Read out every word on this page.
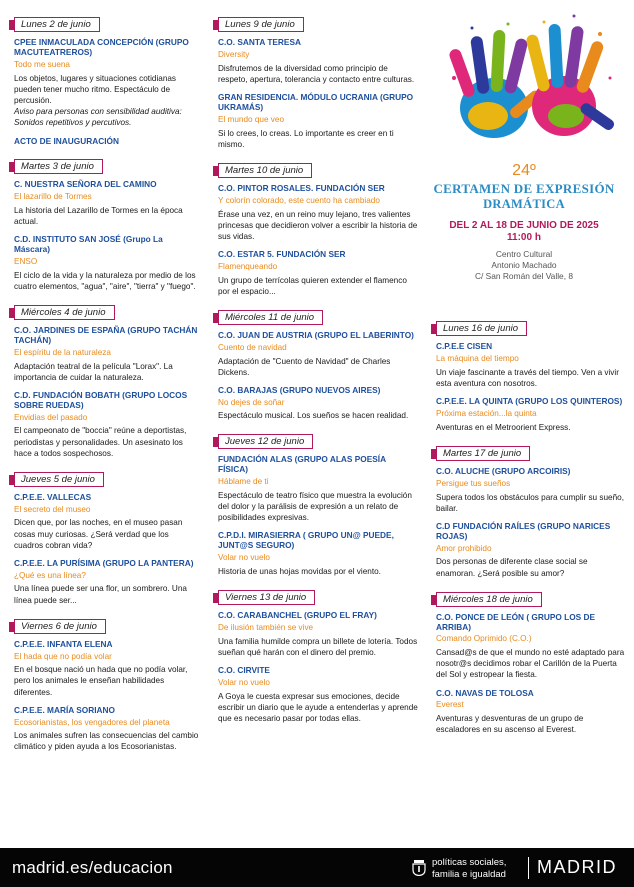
Lunes 2 de junio
CPEE INMACULADA CONCEPCIÓN (GRUPO MACUTEATREROS)
Todo me suena
Los objetos, lugares y situaciones cotidianas pueden tener mucho ritmo. Espectáculo de percusión.
Aviso para personas con sensibilidad auditiva: Sonidos repetitivos y percutivos.
ACTO DE INAUGURACIÓN
Martes 3 de junio
C. NUESTRA SEÑORA DEL CAMINO
El lazarillo de Tormes
La historia del Lazarillo de Tormes en la época actual.
C.D. INSTITUTO SAN JOSÉ (Grupo La Máscara)
ENSO
El ciclo de la vida y la naturaleza por medio de los cuatro elementos, "agua", "aire", "tierra" y "fuego".
Miércoles 4 de junio
C.O. JARDINES DE ESPAÑA (GRUPO TACHÁN TACHÁN)
El espíritu de la naturaleza
Adaptación teatral de la película "Lorax". La importancia de cuidar la naturaleza.
C.D. FUNDACIÓN BOBATH (GRUPO LOCOS SOBRE RUEDAS)
Envidias del pasado
El campeonato de "boccia" reúne a deportistas, periodistas y personalidades. Un asesinato los hace a todos sospechosos.
Jueves 5 de junio
C.P.E.E. VALLECAS
El secreto del museo
Dicen que, por las noches, en el museo pasan cosas muy curiosas. ¿Será verdad que los cuadros cobran vida?
C.P.E.E. LA PURÍSIMA (GRUPO LA PANTERA)
¿Qué es una línea?
Una línea puede ser una flor, un sombrero. Una línea puede ser...
Viernes 6 de junio
C.P.E.E. INFANTA ELENA
El hada que no podía volar
En el bosque nació un hada que no podía volar, pero los animales le enseñan habilidades diferentes.
C.P.E.E. MARÍA SORIANO
Ecosorianistas, los vengadores del planeta
Los animales sufren las consecuencias del cambio climático y piden ayuda a los Ecosorianistas.
Lunes 9 de junio
C.O. SANTA TERESA
Diversity
Disfrutemos de la diversidad como principio de respeto, apertura, tolerancia y contacto entre culturas.
GRAN RESIDENCIA. MÓDULO UCRANIA (GRUPO UKRAMÁS)
El mundo que veo
Si lo crees, lo creas. Lo importante es creer en ti mismo.
Martes 10 de junio
C.O. PINTOR ROSALES. FUNDACIÓN SER
Y colorín colorado, este cuento ha cambiado
Érase una vez, en un reino muy lejano, tres valientes princesas que decidieron volver a escribir la historia de sus vidas.
C.O. ESTAR 5. FUNDACIÓN SER
Flamenqueando
Un grupo de terrícolas quieren extender el flamenco por el espacio...
Miércoles 11 de junio
C.O. JUAN DE AUSTRIA (GRUPO EL LABERINTO)
Cuento de navidad
Adaptación de "Cuento de Navidad" de Charles Dickens.
C.O. BARAJAS (GRUPO NUEVOS AIRES)
No dejes de soñar
Espectáculo musical. Los sueños se hacen realidad.
Jueves 12 de junio
FUNDACIÓN ALAS (GRUPO ALAS POESÍA FÍSICA)
Háblame de ti
Espectáculo de teatro físico que muestra la evolución del dolor y la parálisis de expresión a un relato de posibilidades expresivas.
C.P.D.I. MIRASIERRA ( GRUPO UN@ PUEDE, JUNT@S SEGURO)
Volar no vuelo
Historia de unas hojas movidas por el viento.
Viernes 13 de junio
C.O. CARABANCHEL (GRUPO EL FRAY)
De ilusión también se vive
Una familia humilde compra un billete de lotería. Todos sueñan qué harán con el dinero del premio.
C.O. CIRVITE
Volar no vuelo
A Goya le cuesta expresar sus emociones, decide escribir un diario que le ayude a entenderlas y aprende que es necesario pasar por todas ellas.
Lunes 16 de junio
C.P.E.E CISEN
La máquina del tiempo
Un viaje fascinante a través del tiempo. Ven a vivir esta aventura con nosotros.
C.P.E.E. LA QUINTA (GRUPO LOS QUINTEROS)
Próxima estación...la quinta
Aventuras en el Metroorient Express.
Martes 17 de junio
C.O. ALUCHE (GRUPO ARCOIRIS)
Persigue tus sueños
Supera todos los obstáculos para cumplir su sueño, bailar.
C.D FUNDACIÓN RAÍLES (GRUPO NARICES ROJAS)
Amor prohibido
Dos personas de diferente clase social se enamoran. ¿Será posible su amor?
Miércoles 18 de junio
C.O. PONCE DE LEÓN ( GRUPO LOS DE ARRIBA)
Comando Oprimido (C.O.)
Cansad@s de que el mundo no esté adaptado para nosotr@s decidimos robar el Carillón de la Puerta del Sol y estropear la fiesta.
C.O. NAVAS DE TOLOSA
Everest
Aventuras y desventuras de un grupo de escaladores en su ascenso al Everest.
24º
CERTAMEN DE EXPRESIÓN
DRAMÁTICA
DEL 2 AL 18 DE JUNIO DE 2025
11:00 h
Centro Cultural
Antonio Machado
C/ San Román del Valle, 8
madrid.es/educacion	políticas sociales,
familia e igualdad MADRID
